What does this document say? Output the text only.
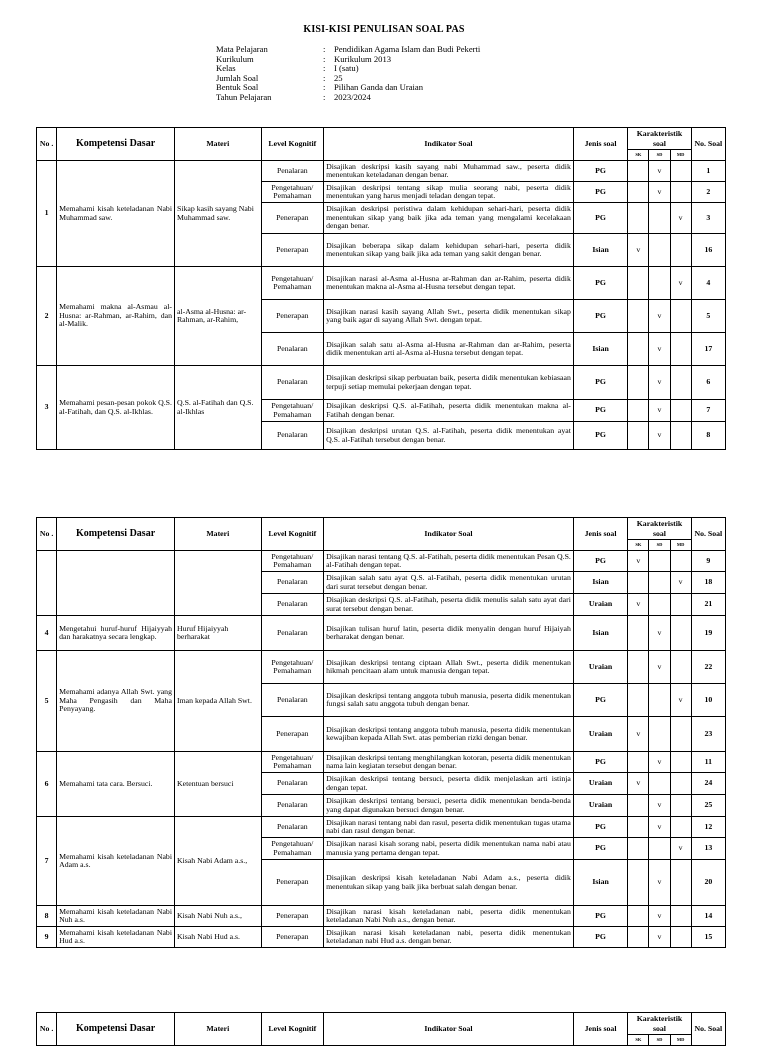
KISI-KISI PENULISAN SOAL PAS
Mata Pelajaran	:	Pendidikan Agama Islam dan Budi Pekerti
Kurikulum	:	Kurikulum 2013
Kelas	:	I (satu)
Jumlah Soal	:	25
Bentuk Soal	:	Pilihan Ganda dan Uraian
Tahun Pelajaran	:	2023/2024
No .	Kompetensi Dasar	Materi	Level Kognitif	Indikator Soal	Jenis soal	Karakteristik soal			No. Soal
						SK	SD	MD	
1	Memahami kisah keteladanan Nabi Muhammad saw.	Sikap kasih sayang Nabi Muhammad saw.	Penalaran	Disajikan deskripsi kasih sayang nabi Muhammad saw., peserta didik menentukan keteladanan dengan benar.	PG		v		1
			Pengetahuan/ Pemahaman	Disajikan deskripsi tentang sikap mulia seorang nabi, peserta didik menentukan yang harus menjadi teladan dengan tepat.	PG		v		2
			Penerapan	Disajikan deskripsi peristiwa dalam kehidupan sehari-hari, peserta didik menentukan sikap yang baik jika ada teman yang mengalami kecelakaan dengan benar.	PG			v	3
			Penerapan	Disajikan beberapa sikap dalam kehidupan sehari-hari, peserta didik menentukan sikap yang baik jika ada teman yang sakit dengan benar.	Isian	v			16
2	Memahami makna al-Asmau al-Husna: ar-Rahman, ar-Rahim, dan al-Malik.	al-Asma al-Husna: ar-Rahman, ar-Rahim,	Pengetahuan/ Pemahaman	Disajikan narasi al-Asma al-Husna ar-Rahman dan ar-Rahim, peserta didik menentukan makna al-Asma al-Husna tersebut dengan tepat.	PG			v	4
			Penerapan	Disajikan narasi kasih sayang Allah Swt., peserta didik menentukan sikap yang baik agar di sayang Allah Swt. dengan tepat.	PG		v		5
			Penalaran	Disajikan salah satu al-Asma al-Husna ar-Rahman dan ar-Rahim, peserta didik menentukan arti al-Asma al-Husna tersebut dengan tepat.	Isian		v		17
3	Memahami pesan-pesan pokok Q.S. al-Fatihah, dan Q.S. al-Ikhlas.	Q.S. al-Fatihah dan Q.S. al-Ikhlas	Penalaran	Disajikan deskripsi sikap perbuatan baik, peserta didik menentukan kebiasaan terpuji setiap memulai pekerjaan dengan tepat.	PG		v		6
			Pengetahuan/ Pemahaman	Disajikan deskripsi Q.S. al-Fatihah, peserta didik menentukan makna al-Fatihah dengan benar.	PG		v		7
			Penalaran	Disajikan deskripsi urutan Q.S. al-Fatihah, peserta didik menentukan ayat Q.S. al-Fatihah tersebut dengan benar.	PG		v		8
No .	Kompetensi Dasar	Materi	Level Kognitif	Indikator Soal	Jenis soal	Karakteristik soal			No. Soal
						SK	SD	MD	
			Pengetahuan/ Pemahaman	Disajikan narasi tentang Q.S. al-Fatihah, peserta didik menentukan Pesan Q.S. al-Fatihah dengan tepat.	PG	v			9
			Penalaran	Disajikan salah satu ayat Q.S. al-Fatihah, peserta didik menentukan urutan dari surat tersebut dengan benar.	Isian			v	18
			Penalaran	Disajikan deskripsi Q.S. al-Fatihah, peserta didik menulis salah satu ayat dari surat tersebut dengan benar.	Uraian	v			21
4	Mengetahui huruf-huruf Hijaiyyah dan harakatnya secara lengkap.	Huruf Hijaiyyah berharakat	Penalaran	Disajikan tulisan huruf latin, peserta didik menyalin dengan huruf Hijaiyah berharakat dengan benar.	Isian		v		19
5	Memahami adanya Allah Swt. yang Maha Pengasih dan Maha Penyayang.	Iman kepada Allah Swt.	Pengetahuan/ Pemahaman	Disajikan deskripsi tentang ciptaan Allah Swt., peserta didik menentukan hikmah pencitaan alam untuk manusia dengan tepat.	Uraian		v		22
			Penalaran	Disajikan deskripsi tentang anggota tubuh manusia, peserta didik menentukan fungsi salah satu anggota tubuh dengan benar.	PG			v	10
			Penerapan	Disajikan deskripsi tentang anggota tubuh manusia, peserta didik menentukan kewajiban kepada Allah Swt. atas pemberian rizki dengan benar.	Uraian	v			23
6	Memahami tata cara. Bersuci.	Ketentuan bersuci	Pengetahuan/ Pemahaman	Disajikan deskripsi tentang menghilangkan kotoran, peserta didik menentukan nama lain kegiatan tersebut dengan benar.	PG		v		11
			Penalaran	Disajikan deskripsi tentang bersuci, peserta didik menjelaskan arti istinja dengan tepat.	Uraian	v			24
			Penalaran	Disajikan deskripsi tentang bersuci, peserta didik menentukan benda-benda yang dapat digunakan bersuci dengan benar.	Uraian		v		25
7	Memahami kisah keteladanan Nabi Adam a.s.	Kisah Nabi Adam a.s.,	Penalaran	Disajikan narasi tentang nabi dan rasul, peserta didik menentukan tugas utama nabi dan rasul dengan benar.	PG		v		12
			Pengetahuan/ Pemahaman	Disajikan narasi kisah sorang nabi, peserta didik menentukan nama nabi atau manusia yang pertama dengan tepat.	PG			v	13
			Penerapan	Disajikan deskripsi kisah keteladanan Nabi Adam a.s., peserta didik menentukan sikap yang baik jika berbuat salah dengan benar.	Isian		v		20
8	Memahami kisah keteladanan Nabi Nuh a.s.	Kisah Nabi Nuh a.s.,	Penerapan	Disajikan narasi kisah keteladanan nabi, peserta didik menentukan keteladanan Nabi Nuh a.s., dengan benar.	PG		v		14
9	Memahami kisah keteladanan Nabi Hud a.s.	Kisah Nabi Hud a.s.	Penerapan	Disajikan narasi kisah keteladanan nabi, peserta didik menentukan keteladanan nabi Hud a.s. dengan benar.	PG		v		15
No .	Kompetensi Dasar	Materi	Level Kognitif	Indikator Soal	Jenis soal	Karakteristik soal			No. Soal
						SK	SD	MD	
